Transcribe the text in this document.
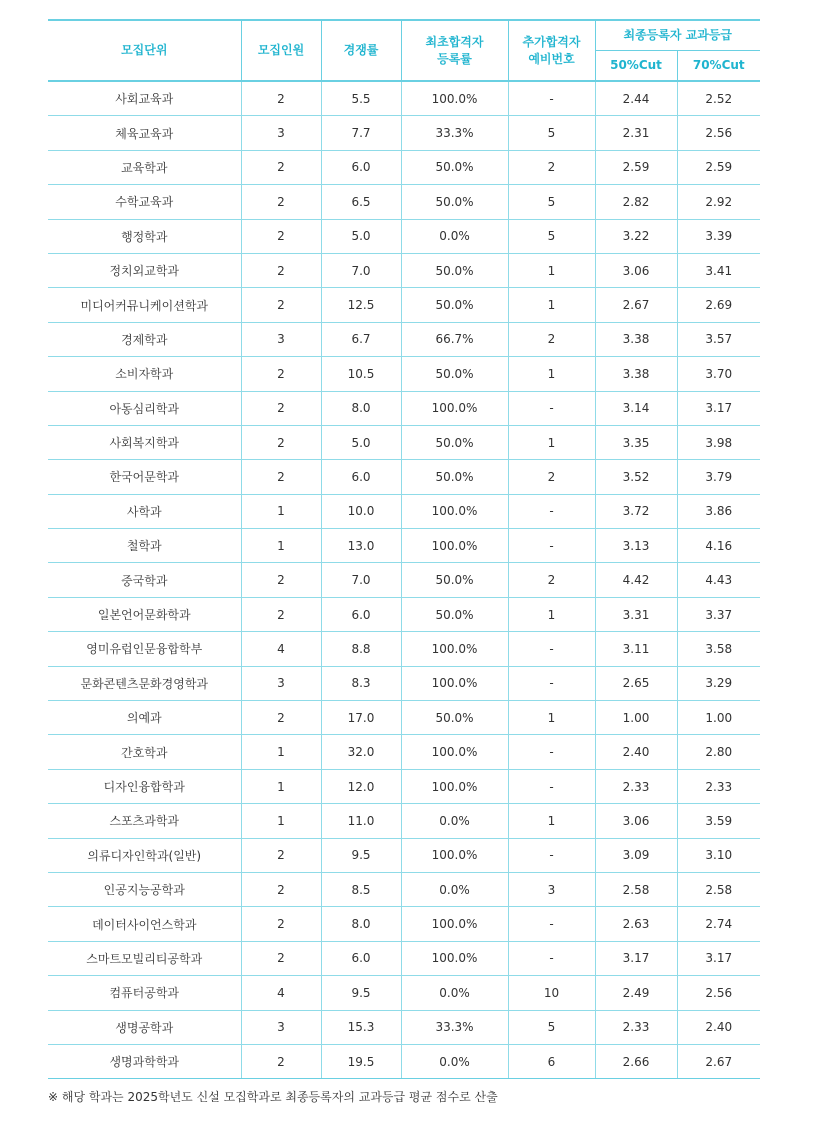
모집단위	모집인원	경쟁률	최초합격자 등록률	추가합격자 예비번호	최종등록자 교과등급	
					50%Cut	70%Cut
사회교육과	2	5.5	100.0%	-	2.44	2.52
체육교육과	3	7.7	33.3%	5	2.31	2.56
교육학과	2	6.0	50.0%	2	2.59	2.59
수학교육과	2	6.5	50.0%	5	2.82	2.92
행정학과	2	5.0	0.0%	5	3.22	3.39
정치외교학과	2	7.0	50.0%	1	3.06	3.41
미디어커뮤니케이션학과	2	12.5	50.0%	1	2.67	2.69
경제학과	3	6.7	66.7%	2	3.38	3.57
소비자학과	2	10.5	50.0%	1	3.38	3.70
아동심리학과	2	8.0	100.0%	-	3.14	3.17
사회복지학과	2	5.0	50.0%	1	3.35	3.98
한국어문학과	2	6.0	50.0%	2	3.52	3.79
사학과	1	10.0	100.0%	-	3.72	3.86
철학과	1	13.0	100.0%	-	3.13	4.16
중국학과	2	7.0	50.0%	2	4.42	4.43
일본언어문화학과	2	6.0	50.0%	1	3.31	3.37
영미유럽인문융합학부	4	8.8	100.0%	-	3.11	3.58
문화콘텐츠문화경영학과	3	8.3	100.0%	-	2.65	3.29
의예과	2	17.0	50.0%	1	1.00	1.00
간호학과	1	32.0	100.0%	-	2.40	2.80
디자인융합학과	1	12.0	100.0%	-	2.33	2.33
스포츠과학과	1	11.0	0.0%	1	3.06	3.59
의류디자인학과(일반)	2	9.5	100.0%	-	3.09	3.10
인공지능공학과	2	8.5	0.0%	3	2.58	2.58
데이터사이언스학과	2	8.0	100.0%	-	2.63	2.74
스마트모빌리티공학과	2	6.0	100.0%	-	3.17	3.17
컴퓨터공학과	4	9.5	0.0%	10	2.49	2.56
생명공학과	3	15.3	33.3%	5	2.33	2.40
생명과학학과	2	19.5	0.0%	6	2.66	2.67
※ 해당 학과는 2025학년도 신설 모집학과로 최종등록자의 교과등급 평균 점수로 산출
